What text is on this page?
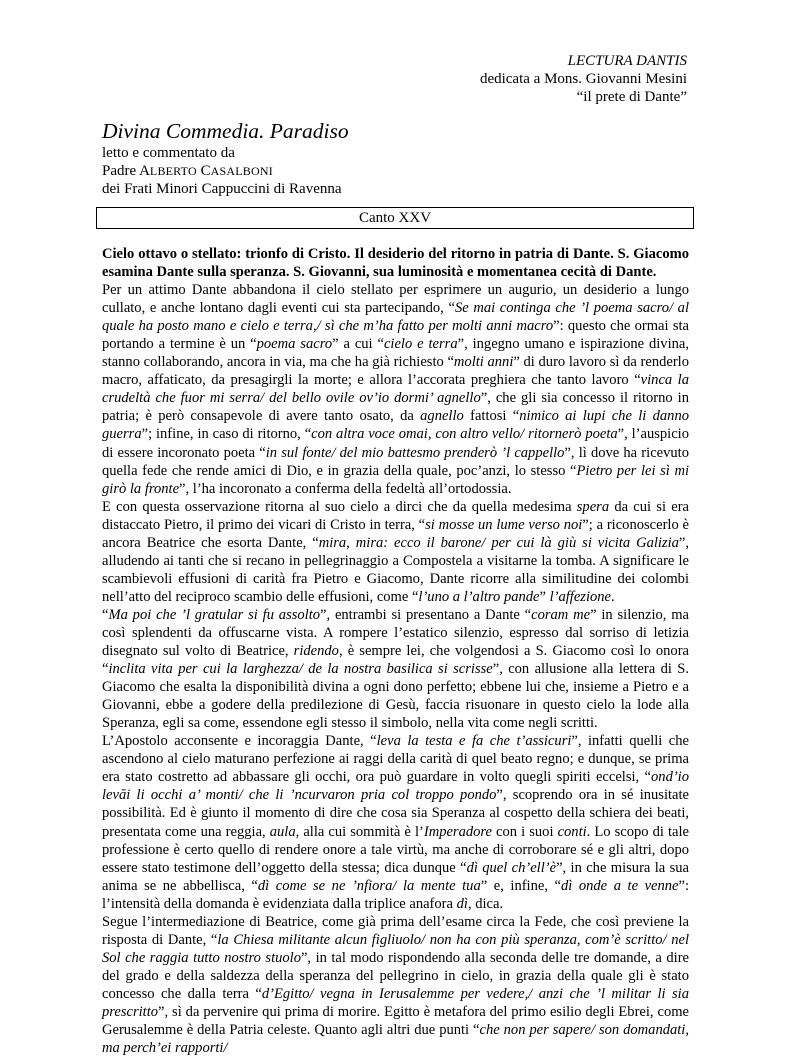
LECTURA DANTIS
dedicata a Mons. Giovanni Mesini
“il prete di Dante”
Divina Commedia. Paradiso
letto e commentato da
Padre ALBERTO CASALBONI
dei Frati Minori Cappuccini di Ravenna
Canto XXV

Cielo ottavo o stellato: trionfo di Cristo. Il desiderio del ritorno in patria di Dante. S. Giacomo esamina Dante sulla speranza. S. Giovanni, sua luminosità e momentanea cecità di Dante.

Per un attimo Dante abbandona il cielo stellato per esprimere un augurio, un desiderio a lungo cullato, e anche lontano dagli eventi cui sta partecipando, “Se mai continga che ’l poema sacro/ al quale ha posto mano e cielo e terra,/ sì che m’ha fatto per molti anni macro”: questo che ormai sta portando a termine è un “poema sacro” a cui “cielo e terra”, ingegno umano e ispirazione divina, stanno collaborando, ancora in via, ma che ha già richiesto “molti anni” di duro lavoro sì da renderlo macro, affaticato, da presagirgli la morte; e allora l’accorata preghiera che tanto lavoro “vinca la crudeltà che fuor mi serra/ del bello ovile ov’io dormi’ agnello”, che gli sia concesso il ritorno in patria; è però consapevole di avere tanto osato, da agnello fattosi “nimico ai lupi che li danno guerra”; infine, in caso di ritorno, “con altra voce omai, con altro vello/ ritornerò poeta”, l’auspicio di essere incoronato poeta “in sul fonte/ del mio battesmo prenderò ’l cappello”, lì dove ha ricevuto quella fede che rende amici di Dio, e in grazia della quale, poc’anzi, lo stesso “Pietro per lei sì mi girò la fronte”, l’ha incoronato a conferma della fedeltà all’ortodossia.

E con questa osservazione ritorna al suo cielo a dirci che da quella medesima spera da cui si era distaccato Pietro, il primo dei vicari di Cristo in terra, “si mosse un lume verso noi”; a riconoscerlo è ancora Beatrice che esorta Dante, “mira, mira: ecco il barone/ per cui là giù si vicita Galizia”, alludendo ai tanti che si recano in pellegrinaggio a Compostela a visitarne la tomba. A significare le scambievoli effusioni di carità fra Pietro e Giacomo, Dante ricorre alla similitudine dei colombi nell’atto del reciproco scambio delle effusioni, come “l’uno a l’altro pande” l’affezione.

“Ma poi che ’l gratular si fu assolto”, entrambi si presentano a Dante “coram me” in silenzio, ma così splendenti da offuscarne vista. A rompere l’estatico silenzio, espresso dal sorriso di letizia disegnato sul volto di Beatrice, ridendo, è sempre lei, che volgendosi a S. Giacomo così lo onora “inclita vita per cui la larghezza/ de la nostra basilica si scrisse”, con allusione alla lettera di S. Giacomo che esalta la disponibilità divina a ogni dono perfetto; ebbene lui che, insieme a Pietro e a Giovanni, ebbe a godere della predilezione di Gesù, faccia risuonare in questo cielo la lode alla Speranza, egli sa come, essendone egli stesso il simbolo, nella vita come negli scritti.

L’Apostolo acconsente e incoraggia Dante, “leva la testa e fa che t’assicuri”, infatti quelli che ascendono al cielo maturano perfezione ai raggi della carità di quel beato regno; e dunque, se prima era stato costretto ad abbassare gli occhi, ora può guardare in volto quegli spiriti eccelsi, “ond’io levăi li occhi a’ monti/ che li ’ncurvaron pria col troppo pondo”, scoprendo ora in sé inusitate possibilità. Ed è giunto il momento di dire che cosa sia Speranza al cospetto della schiera dei beati, presentata come una reggia, aula, alla cui sommità è l’Imperadore con i suoi conti. Lo scopo di tale professione è certo quello di rendere onore a tale virtù, ma anche di corroborare sé e gli altri, dopo essere stato testimone dell’oggetto della stessa; dica dunque “dì quel ch’ell’è”, in che misura la sua anima se ne abbellisca, “dì come se ne ’nfiora/ la mente tua” e, infine, “dì onde a te venne”: l’intensità della domanda è evidenziata dalla triplice anafora dì, dica.

Segue l’intermediazione di Beatrice, come già prima dell’esame circa la Fede, che così previene la risposta di Dante, “la Chiesa militante alcun figliuolo/ non ha con più speranza, com’è scritto/ nel Sol che raggia tutto nostro stuolo”, in tal modo rispondendo alla seconda delle tre domande, a dire del grado e della saldezza della speranza del pellegrino in cielo, in grazia della quale gli è stato concesso che dalla terra “d’Egitto/ vegna in Ierusalemme per vedere,/ anzi che ’l militar li sia prescritto”, sì da pervenire qui prima di morire. Egitto è metafora del primo esilio degli Ebrei, come Gerusalemme è della Patria celeste. Quanto agli altri due punti “che non per sapere/ son domandati, ma perch’ei rapporti/
